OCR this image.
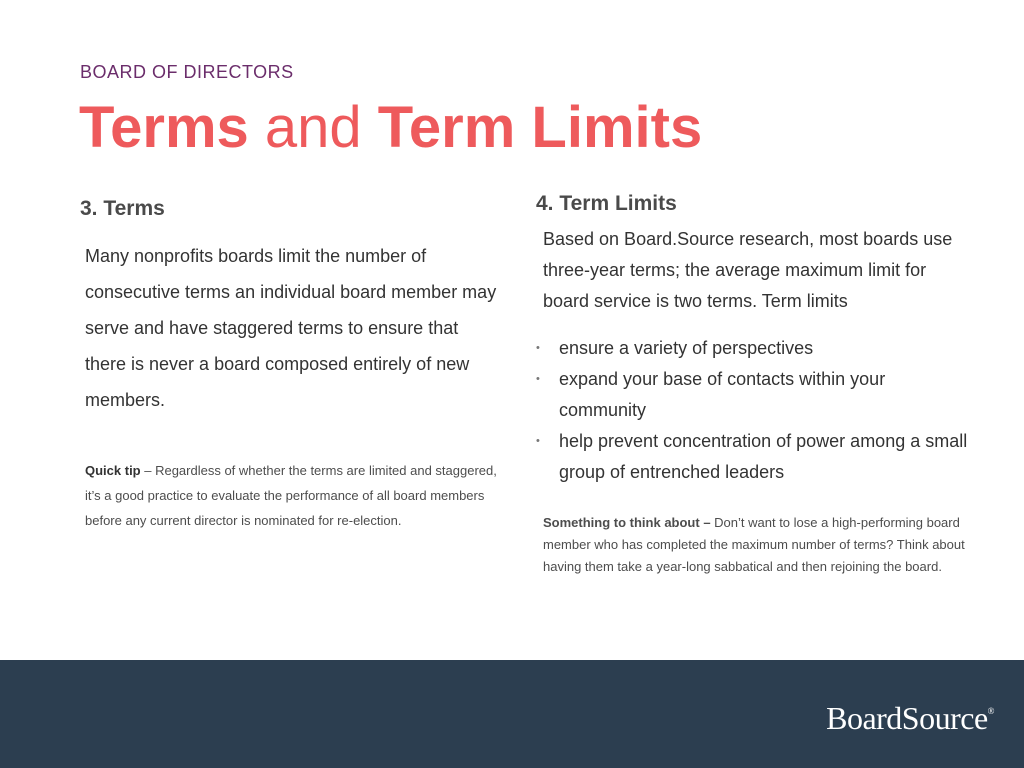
BOARD OF DIRECTORS
Terms and Term Limits
3. Terms

Many nonprofits boards limit the number of consecutive terms an individual board member may serve and have staggered terms to ensure that there is never a board composed entirely of new members.

Quick tip – Regardless of whether the terms are limited and staggered, it’s a good practice to evaluate the performance of all board members before any current director is nominated for re-election.

4. Term Limits

Based on Board.Source research, most boards use three-year terms; the average maximum limit for board service is two terms. Term limits

• ensure a variety of perspectives
• expand your base of contacts within your community
• help prevent concentration of power among a small group of entrenched leaders

Something to think about – Don’t want to lose a high-performing board member who has completed the maximum number of terms? Think about having them take a year-long sabbatical and then rejoining the board.

BoardSource®
